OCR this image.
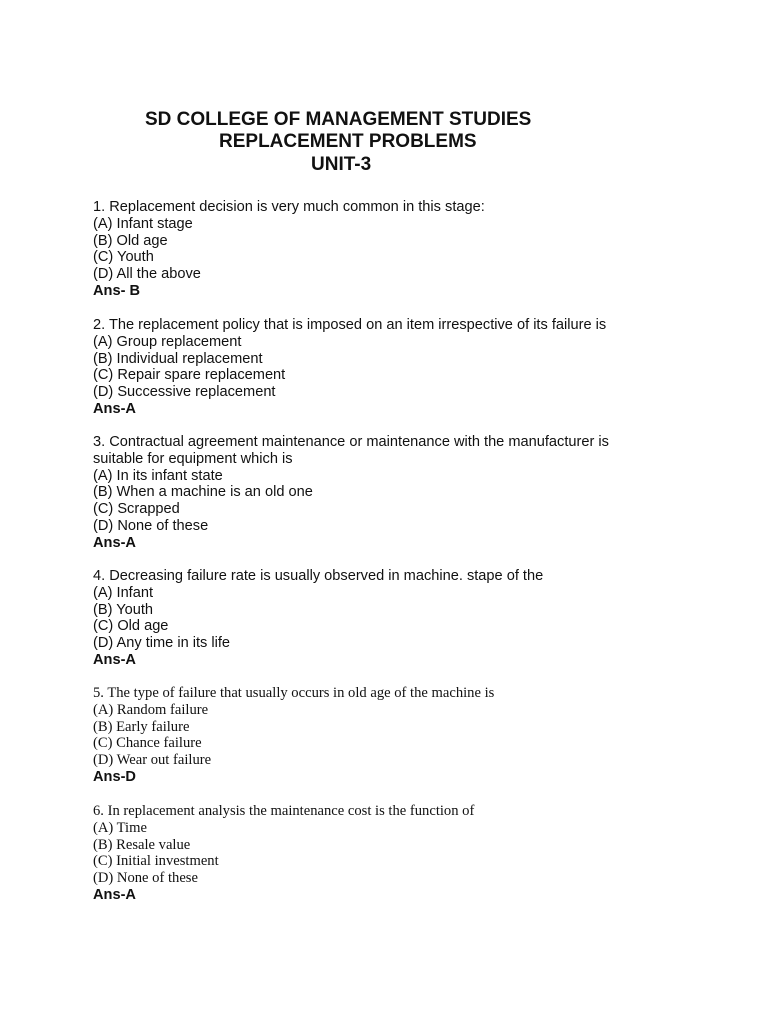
SD COLLEGE OF MANAGEMENT STUDIES
REPLACEMENT PROBLEMS
UNIT-3
1. Replacement decision is very much common in this stage:
(A) Infant stage
(B) Old age
(C) Youth
(D) All the above
Ans- B
2. The replacement policy that is imposed on an item irrespective of its failure is
(A) Group replacement
(B) Individual replacement
(C) Repair spare replacement
(D) Successive replacement
Ans-A
3. Contractual agreement maintenance or maintenance with the manufacturer is
suitable for equipment which is
(A) In its infant state
(B) When a machine is an old one
(C) Scrapped
(D) None of these
Ans-A
4. Decreasing failure rate is usually observed in machine. stape of the
(A) Infant
(B) Youth
(C) Old age
(D) Any time in its life
Ans-A
5. The type of failure that usually occurs in old age of the machine is
(A) Random failure
(B) Early failure
(C) Chance failure
(D) Wear out failure
Ans-D
6. In replacement analysis the maintenance cost is the function of
(A) Time
(B) Resale value
(C) Initial investment
(D) None of these
Ans-A
